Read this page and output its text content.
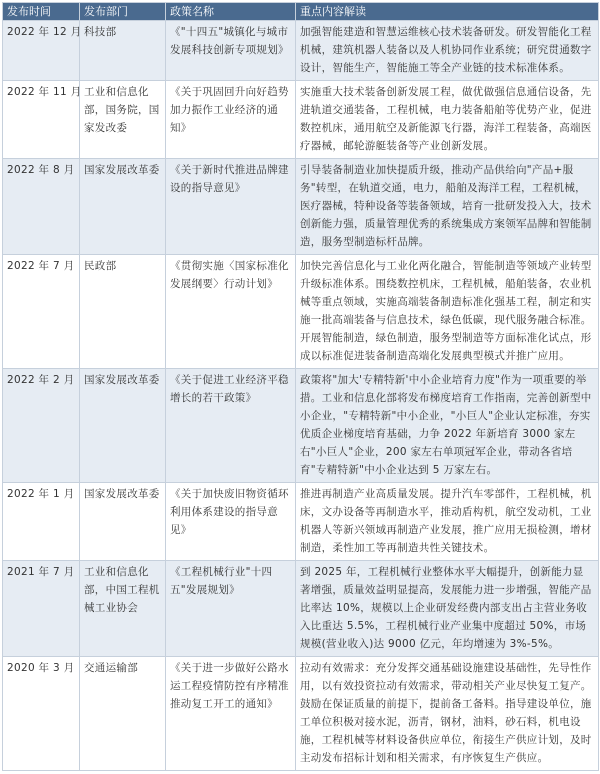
发布时间	发布部门	政策名称	重点内容解读
2022 年 12 月	科技部	《"十四五"城镇化与城市发展科技创新专项规划》	加强智能建造和智慧运维核心技术装备研发。研发智能化工程机械，建筑机器人装备以及人机协同作业系统；研究贯通数字设计，智能生产，智能施工等全产业链的技术标准体系。
2022 年 11 月	工业和信息化部，国务院，国家发改委	《关于巩固回升向好趋势加力振作工业经济的通知》	实施重大技术装备创新发展工程，做优做强信息通信设备，先进轨道交通装备，工程机械，电力装备船舶等优势产业，促进数控机床，通用航空及新能源飞行器，海洋工程装备，高端医疗器械，邮轮游艇装备等产业创新发展。
2022 年 8 月	国家发展改革委	《关于新时代推进品牌建设的指导意见》	引导装备制造业加快提质升级，推动产品供给向"产品+服务"转型，在轨道交通，电力，船舶及海洋工程，工程机械，医疗器械，特种设备等装备领域，培育一批研发投入大，技术创新能力强，质量管理优秀的系统集成方案领军品牌和智能制造，服务型制造标杆品牌。
2022 年 7 月	民政部	《贯彻实施〈国家标准化发展纲要〉行动计划》	加快完善信息化与工业化两化融合，智能制造等领域产业转型升级标准体系。围绕数控机床，工程机械，船舶装备，农业机械等重点领域，实施高端装备制造标准化强基工程，制定和实施一批高端装备与信息技术，绿色低碳，现代服务融合标准。开展智能制造，绿色制造，服务型制造等方面标准化试点，形成以标准促进装备制造高端化发展典型模式并推广应用。
2022 年 2 月	国家发展改革委	《关于促进工业经济平稳增长的若干政策》	政策将"加大'专精特新'中小企业培育力度"作为一项重要的举措。工业和信息化部将发布梯度培育工作指南，完善创新型中小企业，"专精特新"中小企业，"小巨人"企业认定标准，夯实优质企业梯度培育基础，力争 2022 年新培育 3000 家左右"小巨人"企业，200 家左右单项冠军企业，带动各省培育"专精特新"中小企业达到 5 万家左右。
2022 年 1 月	国家发展改革委	《关于加快废旧物资循环利用体系建设的指导意见》	推进再制造产业高质量发展。提升汽车零部件，工程机械，机床，文办设备等再制造水平，推动盾构机，航空发动机，工业机器人等新兴领域再制造产业发展，推广应用无损检测，增材制造，柔性加工等再制造共性关键技术。
2021 年 7 月	工业和信息化部，中国工程机械工业协会	《工程机械行业"十四五"发展规划》	到 2025 年，工程机械行业整体水平大幅提升，创新能力显著增强，质量效益明显提高，发展能力进一步增强，智能产品比率达 10%，规模以上企业研发经费内部支出占主营业务收入比重达 5.5%，工程机械行业产业集中度超过 50%，市场规模(营业收入)达 9000 亿元，年均增速为 3%-5%。
2020 年 3 月	交通运输部	《关于进一步做好公路水运工程疫情防控有序精准推动复工开工的通知》	拉动有效需求：充分发挥交通基础设施建设基础性，先导性作用，以有效投资拉动有效需求，带动相关产业尽快复工复产。鼓励在保证质量的前提下，提前备工备料。指导建设单位，施工单位积极对接水泥，沥青，钢材，油料，砂石料，机电设施，工程机械等材料设备供应单位，衔接生产供应计划，及时主动发布招标计划和相关需求，有序恢复生产供应。
